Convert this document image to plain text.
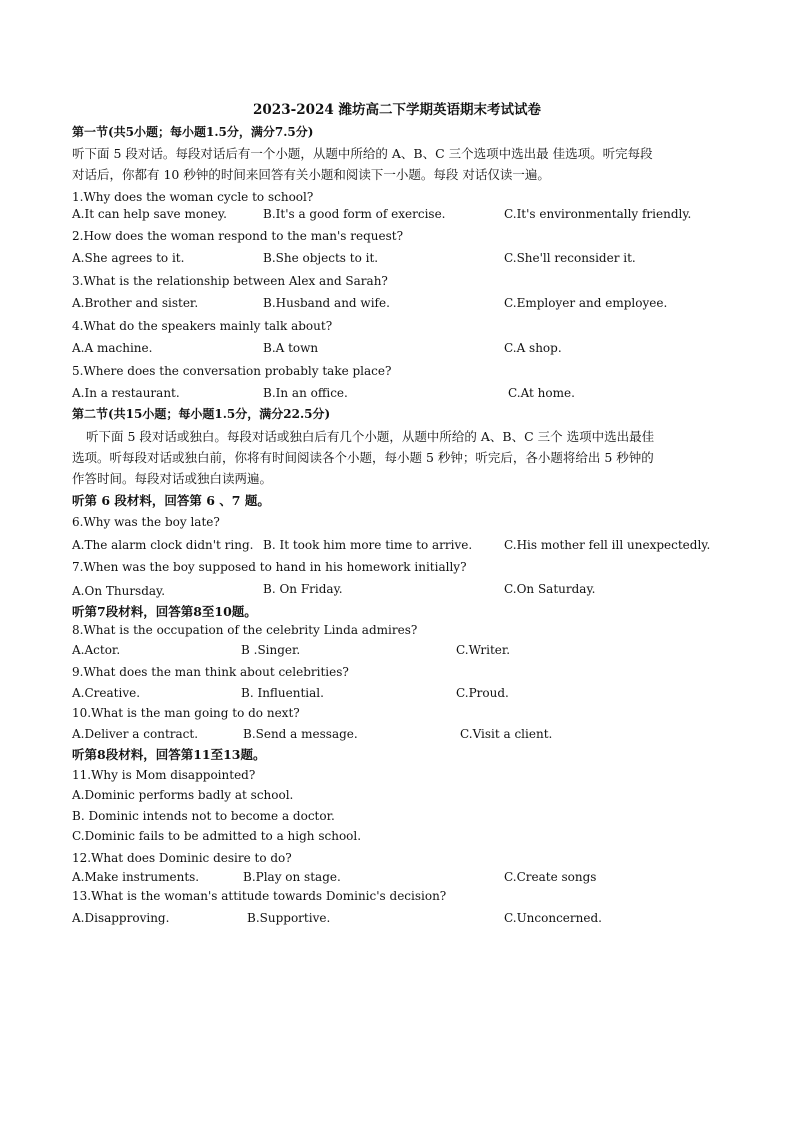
2023-2024 潍坊高二下学期英语期末考试试卷
第一节(共5小题；每小题1.5分，满分7.5分)
听下面 5 段对话。每段对话后有一个小题，从题中所给的 A、B、C 三个选项中选出最 佳选项。听完每段
对话后，你都有 10 秒钟的时间来回答有关小题和阅读下一小题。每段 对话仅读一遍。
1.Why does the woman cycle to school?
A.It can help save money.	B.It's a good form of exercise.	C.It's environmentally friendly.
2.How does the woman respond to the man's request?
A.She agrees to it.	B.She objects to it.	C.She'll reconsider it.
3.What is the relationship between Alex and Sarah?
A.Brother and sister.	B.Husband and wife.	C.Employer and employee.
4.What do the speakers mainly talk about?
A.A machine.	B.A town	C.A shop.
5.Where does the conversation probably take place?
A.In a restaurant.	B.In an office.	C.At home.
第二节(共15小题；每小题1.5分，满分22.5分)
听下面 5 段对话或独白。每段对话或独白后有几个小题，从题中所给的 A、B、C 三个 选项中选出最佳
选项。听每段对话或独白前，你将有时间阅读各个小题，每小题 5 秒钟；听完后，各小题将给出 5 秒钟的
作答时间。每段对话或独白读两遍。
听第 6 段材料，回答第 6 、7 题。
6.Why was the boy late?
A.The alarm clock didn't ring. B. It took him more time to arrive.	C.His mother fell ill unexpectedly.
7.When was the boy supposed to hand in his homework initially?
A.On Thursday.	B. On Friday.	C.On Saturday.
听第7段材料，回答第8至10题。
8.What is the occupation of the celebrity Linda admires?
A.Actor.	B .Singer.	C.Writer.
9.What does the man think about celebrities?
A.Creative.	B. Influential.	C.Proud.
10.What is the man going to do next?
A.Deliver a contract.	B.Send a message.	C.Visit a client.
听第8段材料，回答第11至13题。
11.Why is Mom disappointed?
A.Dominic performs badly at school.
B. Dominic intends not to become a doctor.
C.Dominic fails to be admitted to a high school.
12.What does Dominic desire to do?
A.Make instruments.	B.Play on stage.	C.Create songs
13.What is the woman's attitude towards Dominic's decision?
A.Disapproving.	B.Supportive.	C.Unconcerned.
